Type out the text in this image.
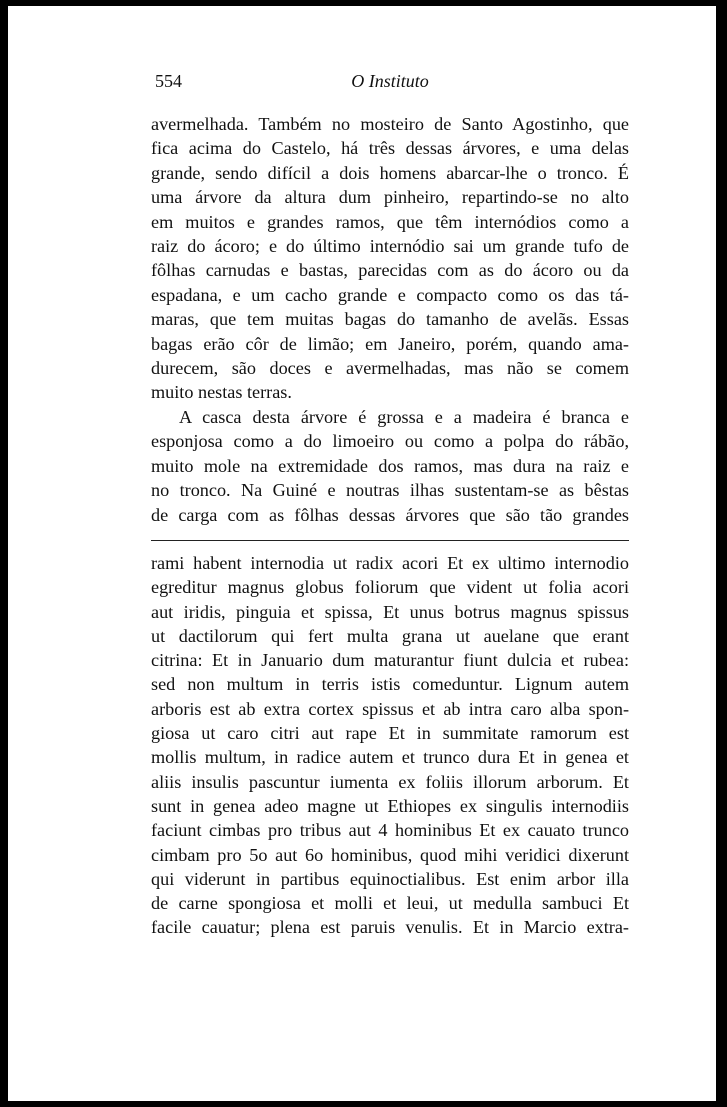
554	O Instituto
avermelhada. Também no mosteiro de Santo Agostinho, que
fica acima do Castelo, há três dessas árvores, e uma delas
grande, sendo difícil a dois homens abarcar-lhe o tronco. É
uma árvore da altura dum pinheiro, repartindo-se no alto
em muitos e grandes ramos, que têm internódios como a
raiz do ácoro; e do último internódio sai um grande tufo de
fôlhas carnudas e bastas, parecidas com as do ácoro ou da
espadana, e um cacho grande e compacto como os das tá-
maras, que tem muitas bagas do tamanho de avelãs. Essas
bagas erão côr de limão; em Janeiro, porém, quando ama-
durecem, são doces e avermelhadas, mas não se comem
muito nestas terras.
A casca desta árvore é grossa e a madeira é branca e
esponjosa como a do limoeiro ou como a polpa do rábão,
muito mole na extremidade dos ramos, mas dura na raiz e
no tronco. Na Guiné e noutras ilhas sustentam-se as bêstas
de carga com as fôlhas dessas árvores que são tão grandes
rami habent internodia ut radix acori Et ex ultimo internodio
egreditur magnus globus foliorum que vident ut folia acori
aut iridis, pinguia et spissa, Et unus botrus magnus spissus
ut dactilorum qui fert multa grana ut auelane que erant
citrina: Et in Januario dum maturantur fiunt dulcia et rubea:
sed non multum in terris istis comeduntur. Lignum autem
arboris est ab extra cortex spissus et ab intra caro alba spon-
giosa ut caro citri aut rape Et in summitate ramorum est
mollis multum, in radice autem et trunco dura Et in genea et
aliis insulis pascuntur iumenta ex foliis illorum arborum. Et
sunt in genea adeo magne ut Ethiopes ex singulis internodiis
faciunt cimbas pro tribus aut 4 hominibus Et ex cauato trunco
cimbam pro 5o aut 6o hominibus, quod mihi veridici dixerunt
qui viderunt in partibus equinoctialibus. Est enim arbor illa
de carne spongiosa et molli et leui, ut medulla sambuci Et
facile cauatur; plena est paruis venulis. Et in Marcio extra-
